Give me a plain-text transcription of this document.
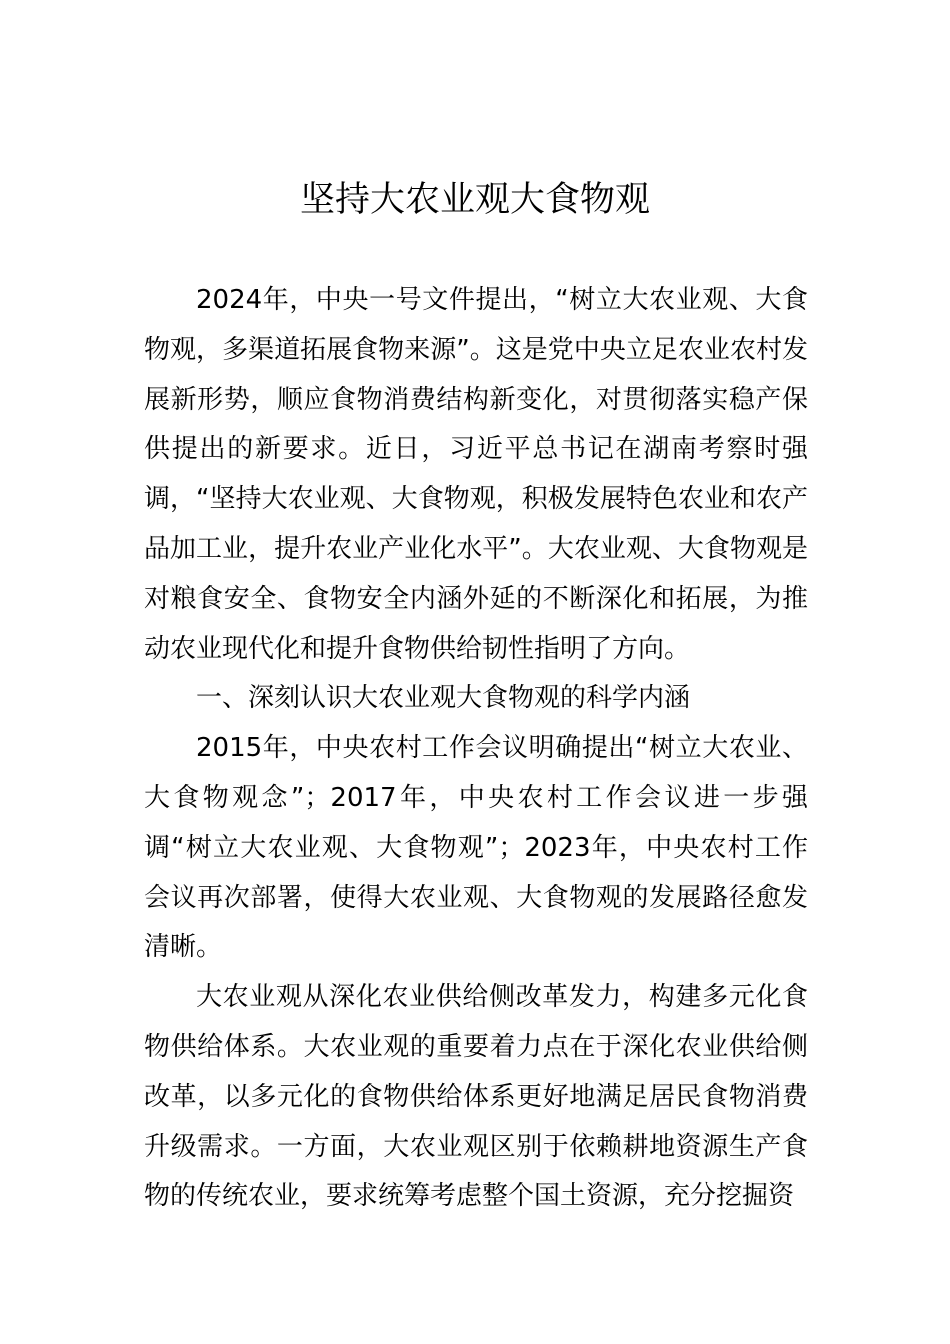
坚持大农业观大食物观

2024年，中央一号文件提出，“树立大农业观、大食物观，多渠道拓展食物来源”。这是党中央立足农业农村发展新形势，顺应食物消费结构新变化，对贯彻落实稳产保供提出的新要求。近日，习近平总书记在湖南考察时强调，“坚持大农业观、大食物观，积极发展特色农业和农产品加工业，提升农业产业化水平”。大农业观、大食物观是对粮食安全、食物安全内涵外延的不断深化和拓展，为推动农业现代化和提升食物供给韧性指明了方向。

一、深刻认识大农业观大食物观的科学内涵

2015年，中央农村工作会议明确提出“树立大农业、大食物观念”；2017年，中央农村工作会议进一步强调“树立大农业观、大食物观”；2023年，中央农村工作会议再次部署，使得大农业观、大食物观的发展路径愈发清晰。

大农业观从深化农业供给侧改革发力，构建多元化食物供给体系。大农业观的重要着力点在于深化农业供给侧改革，以多元化的食物供给体系更好地满足居民食物消费升级需求。一方面，大农业观区别于依赖耕地资源生产食物的传统农业，要求统筹考虑整个国土资源，充分挖掘资
